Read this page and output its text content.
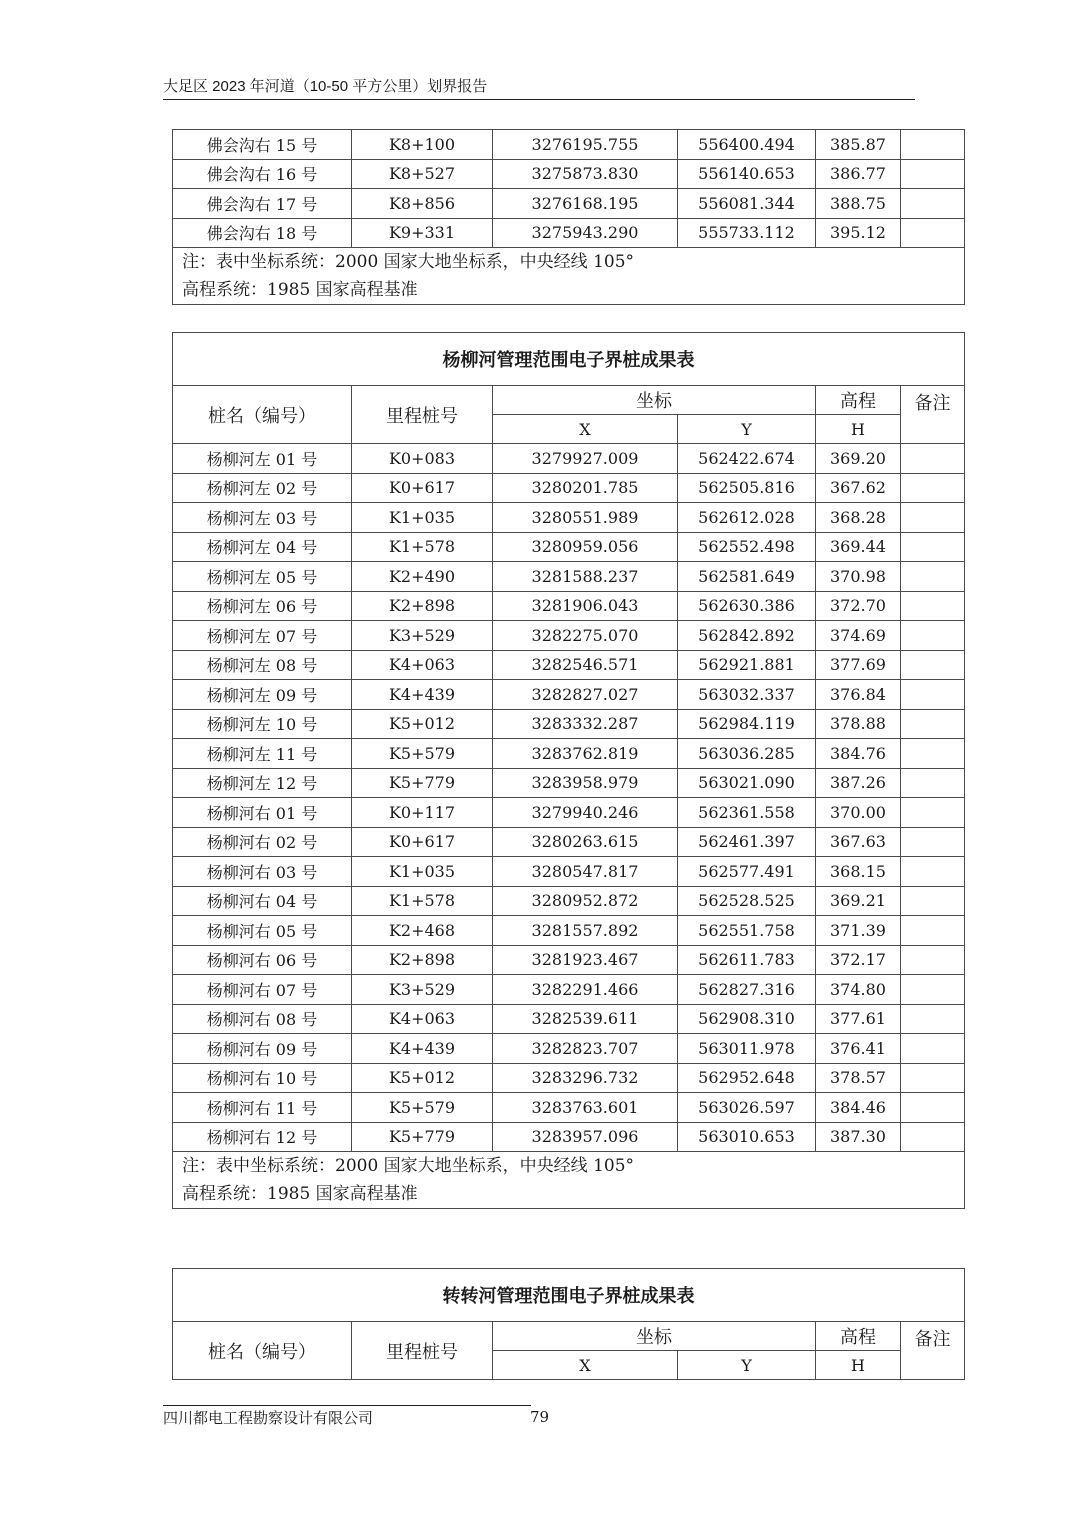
大足区 2023 年河道（10-50 平方公里）划界报告
佛会沟右 15 号	K8+100	3276195.755	556400.494	385.87	
佛会沟右 16 号	K8+527	3275873.830	556140.653	386.77	
佛会沟右 17 号	K8+856	3276168.195	556081.344	388.75	
佛会沟右 18 号	K9+331	3275943.290	555733.112	395.12	

注：表中坐标系统：2000 国家大地坐标系，中央经线 105°
高程系统：1985 国家高程基准					
杨柳河管理范围电子界桩成果表					
桩名（编号）	里程桩号	坐标		高程	备注
		X	Y	H	
杨柳河左 01 号	K0+083	3279927.009	562422.674	369.20	
杨柳河左 02 号	K0+617	3280201.785	562505.816	367.62	
杨柳河左 03 号	K1+035	3280551.989	562612.028	368.28	
杨柳河左 04 号	K1+578	3280959.056	562552.498	369.44	
杨柳河左 05 号	K2+490	3281588.237	562581.649	370.98	
杨柳河左 06 号	K2+898	3281906.043	562630.386	372.70	
杨柳河左 07 号	K3+529	3282275.070	562842.892	374.69	
杨柳河左 08 号	K4+063	3282546.571	562921.881	377.69	
杨柳河左 09 号	K4+439	3282827.027	563032.337	376.84	
杨柳河左 10 号	K5+012	3283332.287	562984.119	378.88	
杨柳河左 11 号	K5+579	3283762.819	563036.285	384.76	
杨柳河左 12 号	K5+779	3283958.979	563021.090	387.26	
杨柳河右 01 号	K0+117	3279940.246	562361.558	370.00	
杨柳河右 02 号	K0+617	3280263.615	562461.397	367.63	
杨柳河右 03 号	K1+035	3280547.817	562577.491	368.15	
杨柳河右 04 号	K1+578	3280952.872	562528.525	369.21	
杨柳河右 05 号	K2+468	3281557.892	562551.758	371.39	
杨柳河右 06 号	K2+898	3281923.467	562611.783	372.17	
杨柳河右 07 号	K3+529	3282291.466	562827.316	374.80	
杨柳河右 08 号	K4+063	3282539.611	562908.310	377.61	
杨柳河右 09 号	K4+439	3282823.707	563011.978	376.41	
杨柳河右 10 号	K5+012	3283296.732	562952.648	378.57	
杨柳河右 11 号	K5+579	3283763.601	563026.597	384.46	
杨柳河右 12 号	K5+779	3283957.096	563010.653	387.30	

注：表中坐标系统：2000 国家大地坐标系，中央经线 105°
高程系统：1985 国家高程基准					
转转河管理范围电子界桩成果表					
桩名（编号）	里程桩号	坐标		高程	备注
		X	Y	H	
四川都电工程勘察设计有限公司	79
